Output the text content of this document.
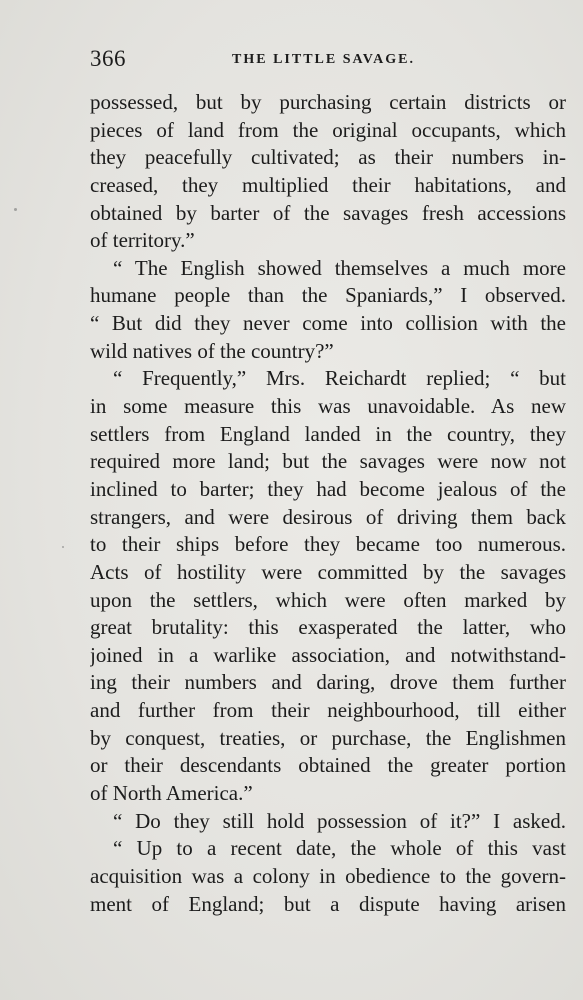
366	THE LITTLE SAVAGE.
possessed, but by purchasing certain districts or
pieces of land from the original occupants, which
they peacefully cultivated; as their numbers in-
creased, they multiplied their habitations, and
obtained by barter of the savages fresh accessions
of territory.”
“ The English showed themselves a much more
humane people than the Spaniards,” I observed.
“ But did they never come into collision with the
wild natives of the country?”
“ Frequently,” Mrs. Reichardt replied; “ but
in some measure this was unavoidable. As new
settlers from England landed in the country, they
required more land; but the savages were now not
inclined to barter; they had become jealous of the
strangers, and were desirous of driving them back
to their ships before they became too numerous.
Acts of hostility were committed by the savages
upon the settlers, which were often marked by
great brutality: this exasperated the latter, who
joined in a warlike association, and notwithstand-
ing their numbers and daring, drove them further
and further from their neighbourhood, till either
by conquest, treaties, or purchase, the Englishmen
or their descendants obtained the greater portion
of North America.”
“ Do they still hold possession of it?” I asked.
“ Up to a recent date, the whole of this vast
acquisition was a colony in obedience to the govern-
ment of England; but a dispute having arisen
